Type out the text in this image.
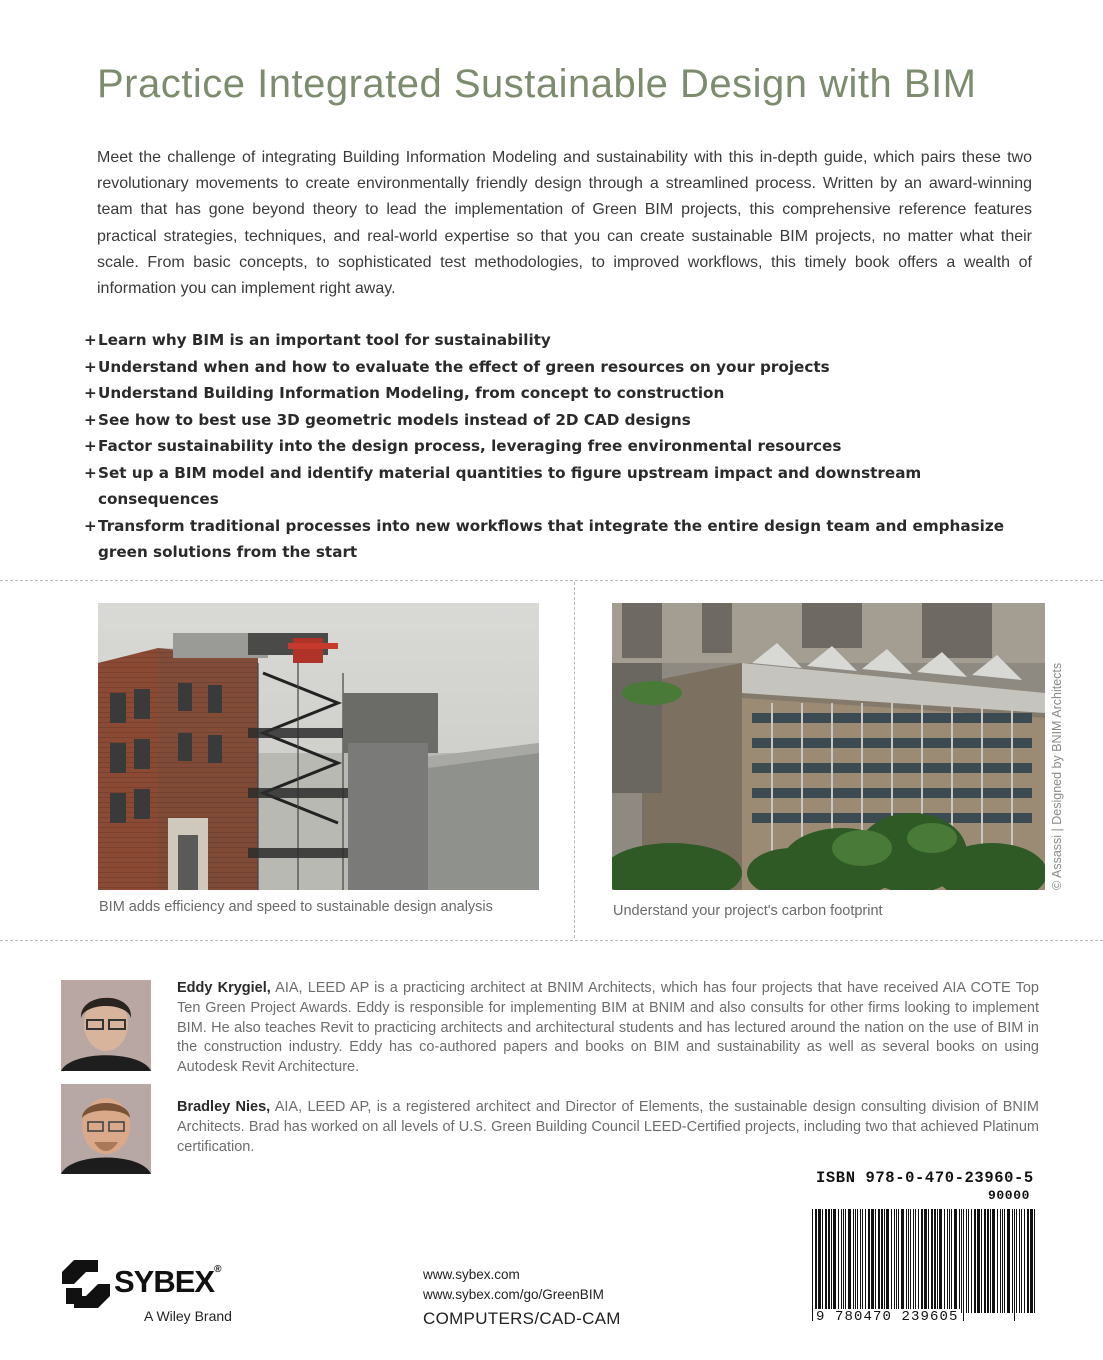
Practice Integrated Sustainable Design with BIM

Meet the challenge of integrating Building Information Modeling and sustainability with this in-depth guide, which pairs these two revolutionary movements to create environmentally friendly design through a streamlined process. Written by an award-winning team that has gone beyond theory to lead the implementation of Green BIM projects, this comprehensive reference features practical strategies, techniques, and real-world expertise so that you can create sustainable BIM projects, no matter what their scale. From basic concepts, to sophisticated test methodologies, to improved workflows, this timely book offers a wealth of information you can implement right away.

+ Learn why BIM is an important tool for sustainability
+ Understand when and how to evaluate the effect of green resources on your projects
+ Understand Building Information Modeling, from concept to construction
+ See how to best use 3D geometric models instead of 2D CAD designs
+ Factor sustainability into the design process, leveraging free environmental resources
+ Set up a BIM model and identify material quantities to figure upstream impact and downstream consequences
+ Transform traditional processes into new workflows that integrate the entire design team and emphasize green solutions from the start
BIM adds efficiency and speed to sustainable design analysis	Understand your project's carbon footprint
© Assassi | Designed by BNIM Architects

Eddy Krygiel, AIA, LEED AP is a practicing architect at BNIM Architects, which has four projects that have received AIA COTE Top Ten Green Project Awards. Eddy is responsible for implementing BIM at BNIM and also consults for other firms looking to implement BIM. He also teaches Revit to practicing architects and architectural students and has lectured around the nation on the use of BIM in the construction industry. Eddy has co-authored papers and books on BIM and sustainability as well as several books on using Autodesk Revit Architecture.

Bradley Nies, AIA, LEED AP, is a registered architect and Director of Elements, the sustainable design consulting division of BNIM Architects. Brad has worked on all levels of U.S. Green Building Council LEED-Certified projects, including two that achieved Platinum certification.

SYBEX®
A Wiley Brand
www.sybex.com
www.sybex.com/go/GreenBIM
COMPUTERS/CAD-CAM
ISBN 978-0-470-23960-5
90000
9 780470 239605
